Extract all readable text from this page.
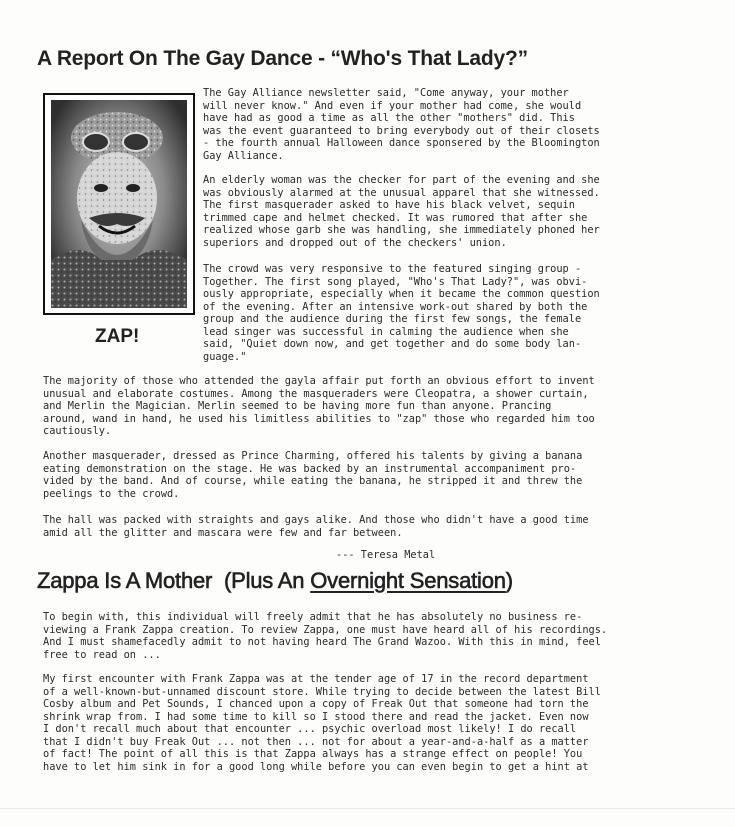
A Report On The Gay Dance - “Who's That Lady?”

ZAP!

The Gay Alliance newsletter said, "Come anyway, your mother
will never know." And even if your mother had come, she would
have had as good a time as all the other "mothers" did. This
was the event guaranteed to bring everybody out of their closets
- the fourth annual Halloween dance sponsered by the Bloomington
Gay Alliance.
An elderly woman was the checker for part of the evening and she
was obviously alarmed at the unusual apparel that she witnessed.
The first masquerader asked to have his black velvet, sequin
trimmed cape and helmet checked. It was rumored that after she
realized whose garb she was handling, she immediately phoned her
superiors and dropped out of the checkers' union.
The crowd was very responsive to the featured singing group -
Together. The first song played, "Who's That Lady?", was obvi-
ously appropriate, especially when it became the common question
of the evening. After an intensive work-out shared by both the
group and the audience during the first few songs, the female
lead singer was successful in calming the audience when she
said, "Quiet down now, and get together and do some body lan-
guage."
The majority of those who attended the gayla affair put forth an obvious effort to invent
unusual and elaborate costumes. Among the masqueraders were Cleopatra, a shower curtain,
and Merlin the Magician. Merlin seemed to be having more fun than anyone. Prancing
around, wand in hand, he used his limitless abilities to "zap" those who regarded him too
cautiously.
Another masquerader, dressed as Prince Charming, offered his talents by giving a banana
eating demonstration on the stage. He was backed by an instrumental accompaniment pro-
vided by the band. And of course, while eating the banana, he stripped it and threw the
peelings to the crowd.
The hall was packed with straights and gays alike. And those who didn't have a good time
amid all the glitter and mascara were few and far between.
--- Teresa Metal
Zappa Is A Mother (Plus An Overnight Sensation)
To begin with, this individual will freely admit that he has absolutely no business re-
viewing a Frank Zappa creation. To review Zappa, one must have heard all of his recordings.
And I must shamefacedly admit to not having heard The Grand Wazoo. With this in mind, feel
free to read on ...
My first encounter with Frank Zappa was at the tender age of 17 in the record department
of a well-known-but-unnamed discount store. While trying to decide between the latest Bill
Cosby album and Pet Sounds, I chanced upon a copy of Freak Out that someone had torn the
shrink wrap from. I had some time to kill so I stood there and read the jacket. Even now
I don't recall much about that encounter ... psychic overload most likely! I do recall
that I didn't buy Freak Out ... not then ... not for about a year-and-a-half as a matter
of fact! The point of all this is that Zappa always has a strange effect on people! You
have to let him sink in for a good long while before you can even begin to get a hint at
